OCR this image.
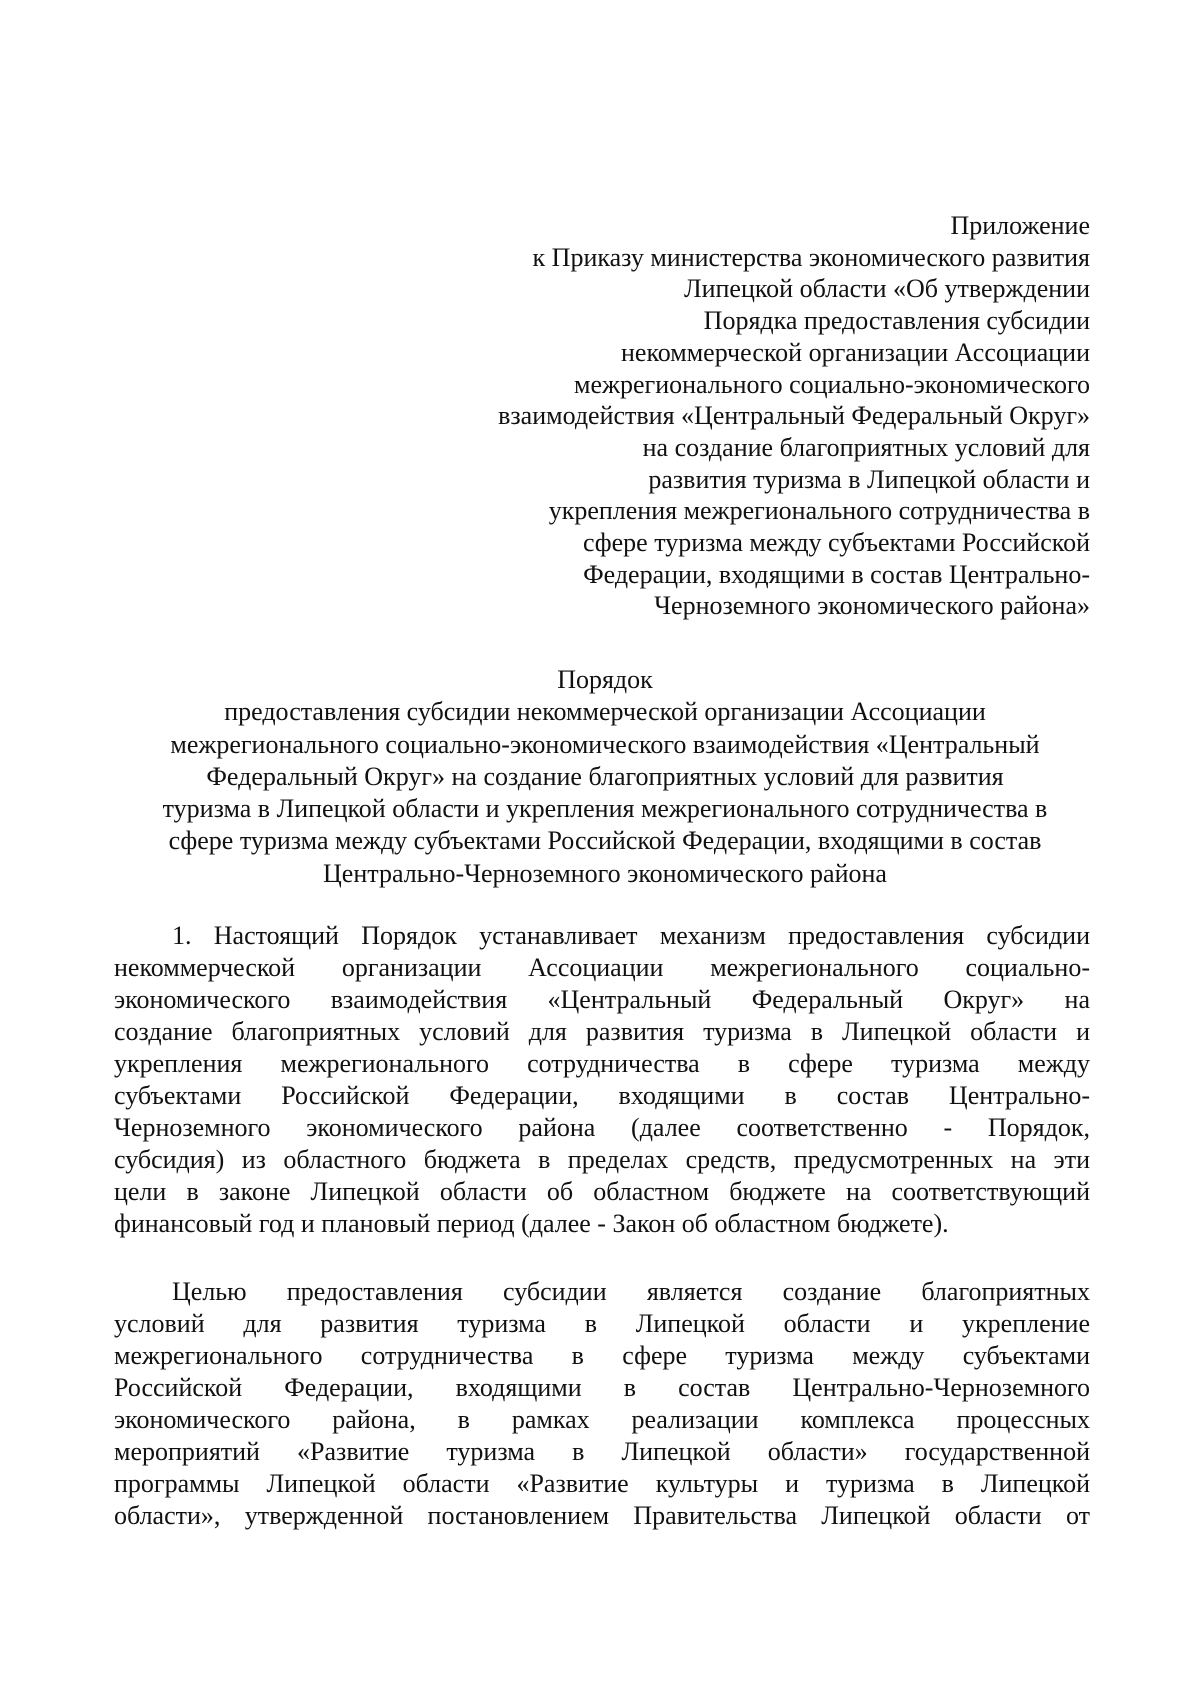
Приложение
к Приказу министерства экономического развития
Липецкой области «Об утверждении
Порядка предоставления субсидии
некоммерческой организации Ассоциации
межрегионального социально-экономического
взаимодействия «Центральный Федеральный Округ»
на создание благоприятных условий для
развития туризма в Липецкой области и
укрепления межрегионального сотрудничества в
сфере туризма между субъектами Российской
Федерации, входящими в состав Центрально-
Черноземного экономического района»
Порядок
предоставления субсидии некоммерческой организации Ассоциации
межрегионального социально-экономического взаимодействия «Центральный
Федеральный Округ» на создание благоприятных условий для развития
туризма в Липецкой области и укрепления межрегионального сотрудничества в
сфере туризма между субъектами Российской Федерации, входящими в состав
Центрально-Черноземного экономического района
1. Настоящий Порядок устанавливает механизм предоставления субсидии
некоммерческой организации Ассоциации межрегионального социально-
экономического взаимодействия «Центральный Федеральный Округ» на
создание благоприятных условий для развития туризма в Липецкой области и
укрепления межрегионального сотрудничества в сфере туризма между
субъектами Российской Федерации, входящими в состав Центрально-
Черноземного экономического района (далее соответственно - Порядок,
субсидия) из областного бюджета в пределах средств, предусмотренных на эти
цели в законе Липецкой области об областном бюджете на соответствующий
финансовый год и плановый период (далее - Закон об областном бюджете).
Целью предоставления субсидии является создание благоприятных
условий для развития туризма в Липецкой области и укрепление
межрегионального сотрудничества в сфере туризма между субъектами
Российской Федерации, входящими в состав Центрально-Черноземного
экономического района, в рамках реализации комплекса процессных
мероприятий «Развитие туризма в Липецкой области» государственной
программы Липецкой области «Развитие культуры и туризма в Липецкой
области», утвержденной постановлением Правительства Липецкой области от
